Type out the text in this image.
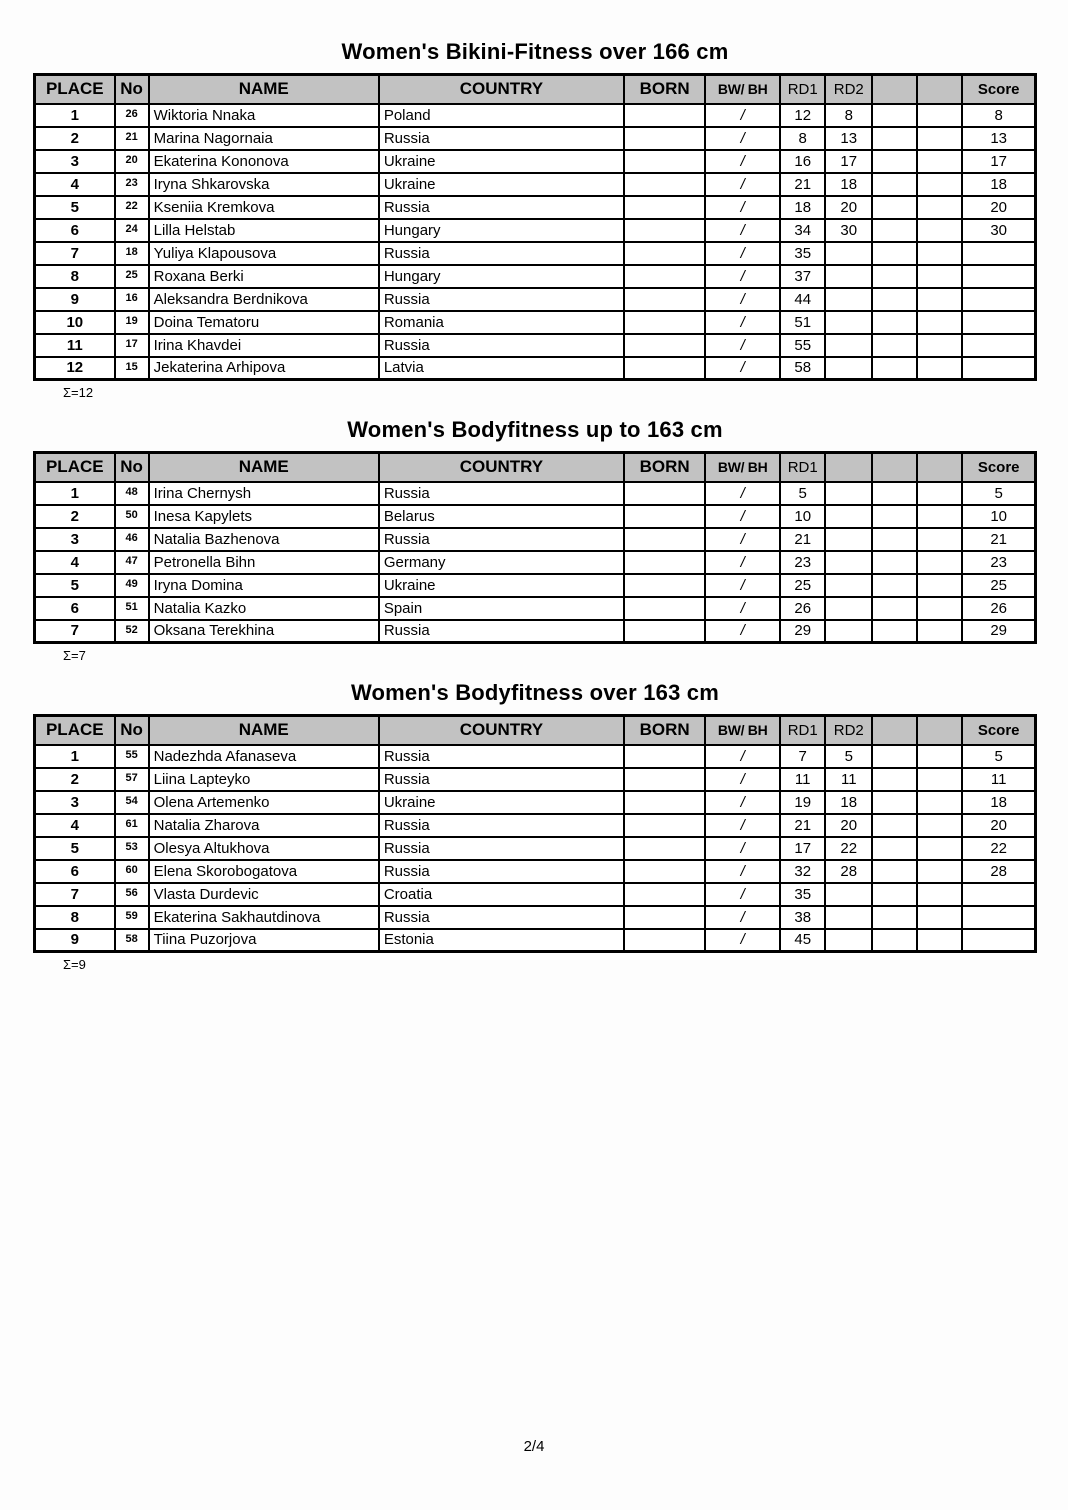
Women's Bikini-Fitness over 166 cm
PLACE	No	NAME	COUNTRY	BORN	BW/ BH	RD1	RD2			Score
1	26	Wiktoria Nnaka	Poland		/	12	8			8
2	21	Marina Nagornaia	Russia		/	8	13			13
3	20	Ekaterina Kononova	Ukraine		/	16	17			17
4	23	Iryna Shkarovska	Ukraine		/	21	18			18
5	22	Kseniia Kremkova	Russia		/	18	20			20
6	24	Lilla Helstab	Hungary		/	34	30			30
7	18	Yuliya Klapousova	Russia		/	35				
8	25	Roxana Berki	Hungary		/	37				
9	16	Aleksandra Berdnikova	Russia		/	44				
10	19	Doina Tematoru	Romania		/	51				
11	17	Irina Khavdei	Russia		/	55				
12	15	Jekaterina Arhipova	Latvia		/	58				
Σ=12
Women's Bodyfitness up to 163 cm
PLACE	No	NAME	COUNTRY	BORN	BW/ BH	RD1				Score
1	48	Irina Chernysh	Russia		/	5				5
2	50	Inesa Kapylets	Belarus		/	10				10
3	46	Natalia Bazhenova	Russia		/	21				21
4	47	Petronella Bihn	Germany		/	23				23
5	49	Iryna Domina	Ukraine		/	25				25
6	51	Natalia Kazko	Spain		/	26				26
7	52	Oksana Terekhina	Russia		/	29				29
Σ=7
Women's Bodyfitness over 163 cm
PLACE	No	NAME	COUNTRY	BORN	BW/ BH	RD1	RD2			Score
1	55	Nadezhda Afanaseva	Russia		/	7	5			5
2	57	Liina Lapteyko	Russia		/	11	11			11
3	54	Olena Artemenko	Ukraine		/	19	18			18
4	61	Natalia Zharova	Russia		/	21	20			20
5	53	Olesya Altukhova	Russia		/	17	22			22
6	60	Elena Skorobogatova	Russia		/	32	28			28
7	56	Vlasta Durdevic	Croatia		/	35				
8	59	Ekaterina Sakhautdinova	Russia		/	38				
9	58	Tiina Puzorjova	Estonia		/	45				
Σ=9
2/4
